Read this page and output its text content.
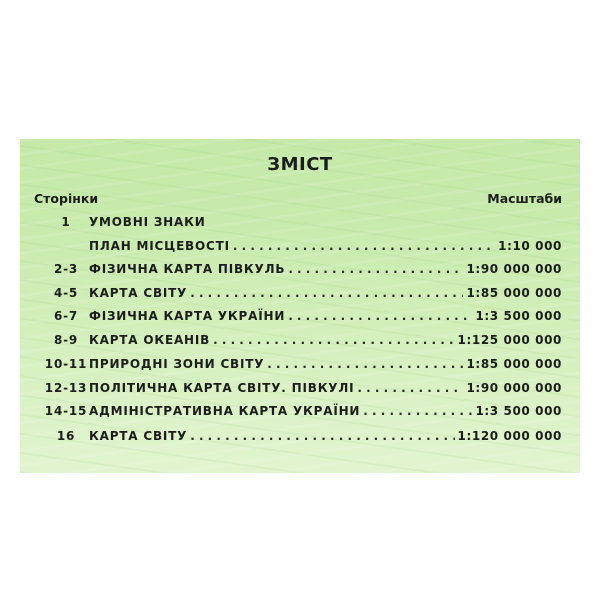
ЗМІСТ
Сторінки	Масштаби
1	УМОВНІ ЗНАКИ
ПЛАН МІСЦЕВОСТІ . . .	1:10 000
2-3 ФІЗИЧНА КАРТА ПІВКУЛЬ . . .	1:90 000 000
4-5 КАРТА СВІТУ . . .	1:85 000 000
6-7 ФІЗИЧНА КАРТА УКРАЇНИ . . .	1:3 500 000
8-9 КАРТА ОКЕАНІВ . . .	1:125 000 000
10-11 ПРИРОДНІ ЗОНИ СВІТУ . . .	1:85 000 000
12-13 ПОЛІТИЧНА КАРТА СВІТУ. ПІВКУЛІ . . .	1:90 000 000
14-15 АДМІНІСТРАТИВНА КАРТА УКРАЇНИ . . .	1:3 500 000
16	КАРТА СВІТУ . . .	1:120 000 000
